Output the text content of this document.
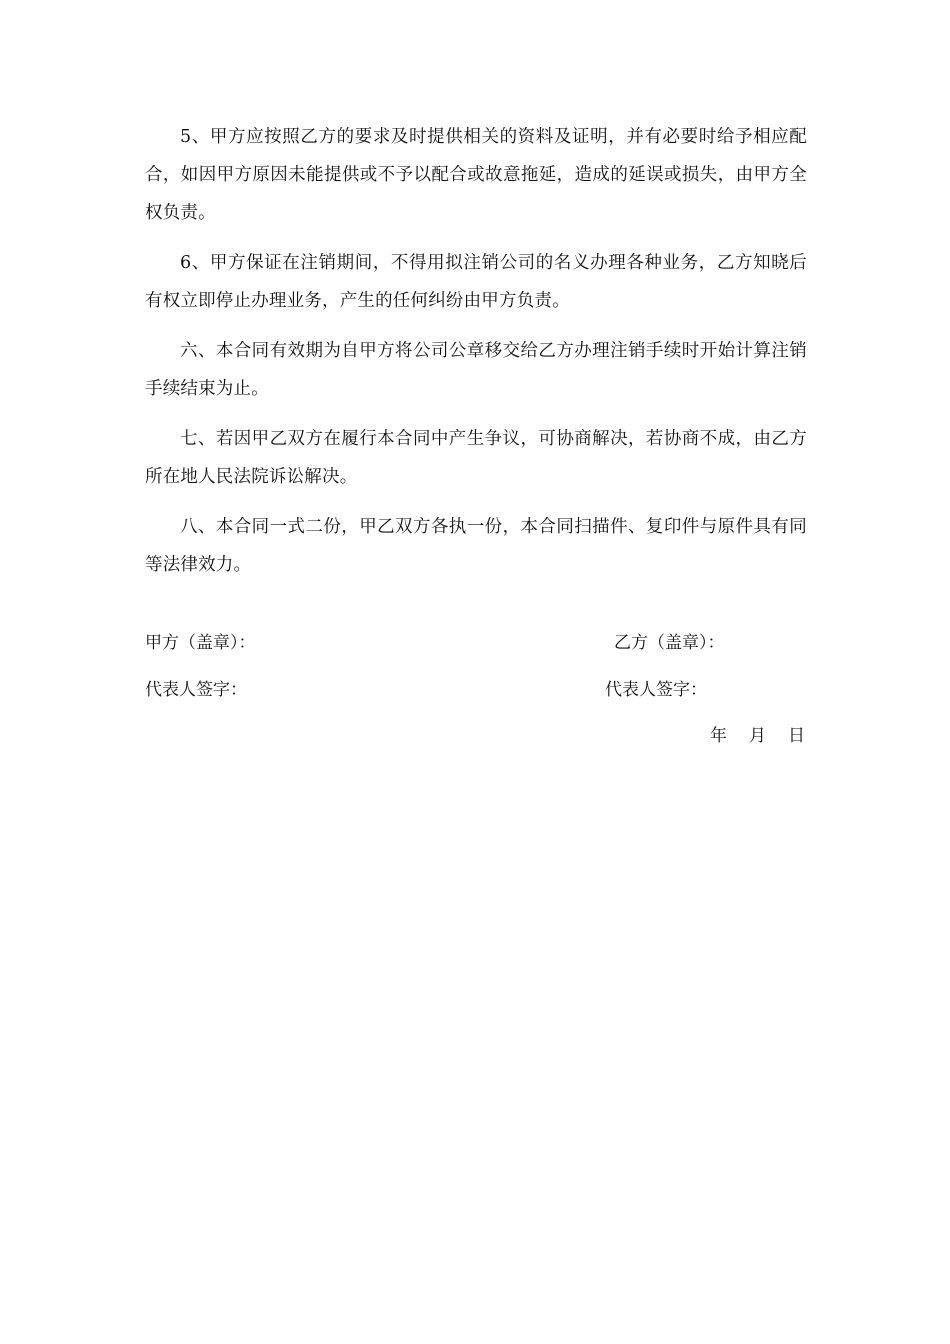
5、甲方应按照乙方的要求及时提供相关的资料及证明，并有必要时给予相应配合，如因甲方原因未能提供或不予以配合或故意拖延，造成的延误或损失，由甲方全权负责。

6、甲方保证在注销期间，不得用拟注销公司的名义办理各种业务，乙方知晓后有权立即停止办理业务，产生的任何纠纷由甲方负责。

六、本合同有效期为自甲方将公司公章移交给乙方办理注销手续时开始计算注销手续结束为止。

七、若因甲乙双方在履行本合同中产生争议，可协商解决，若协商不成，由乙方所在地人民法院诉讼解决。

八、本合同一式二份，甲乙双方各执一份，本合同扫描件、复印件与原件具有同等法律效力。

甲方（盖章）：	乙方（盖章）：
代表人签字：	代表人签字：
年 月 日
